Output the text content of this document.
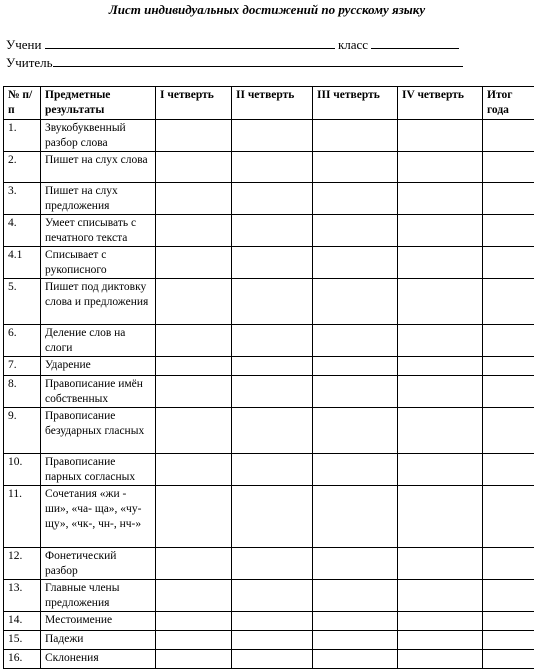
Лист индивидуальных достижений по русскому языку
Учени	класс
Учитель
№ п/п	Предметные результаты	I четверть	II четверть	III четверть	IV четверть	Итог года
1.	Звукобуквенный разбор слова					
2.	Пишет на слух слова					
3.	Пишет на слух предложения					
4.	Умеет списывать с печатного текста					
4.1	Списывает с рукописного					
5.	Пишет под диктовку слова и предложения					
6.	Деление слов на слоги					
7.	Ударение					
8.	Правописание имён собственных					
9.	Правописание безударных гласных					
10.	Правописание парных согласных					
11.	Сочетания «жи - ши», «ча- ща», «чу- щу», «чк-, чн-, нч-»					
12.	Фонетический разбор					
13.	Главные члены предложения					
14.	Местоимение					
15.	Падежи					
16.	Склонения					
